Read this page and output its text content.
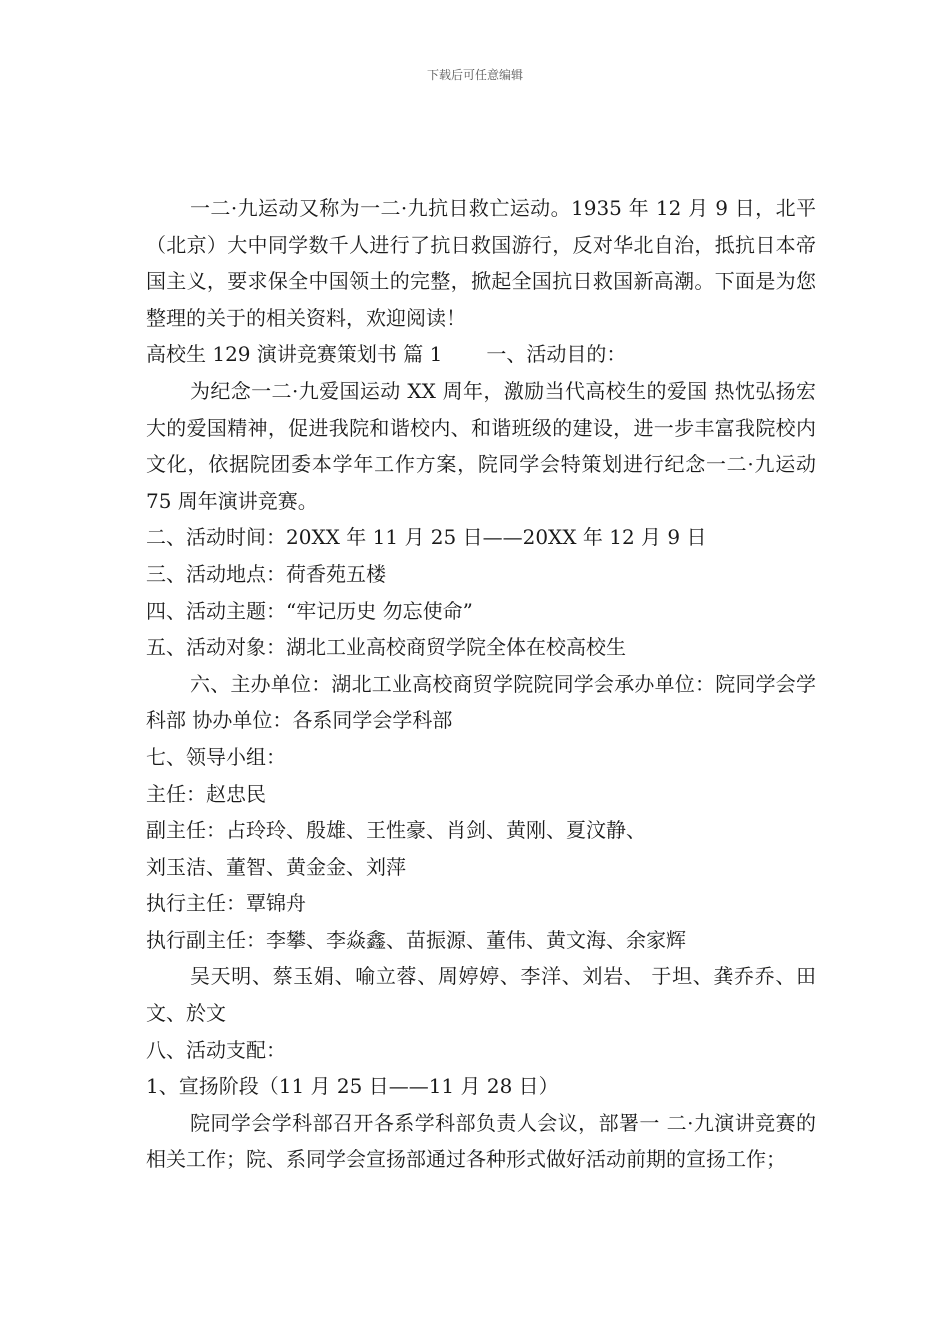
下载后可任意编辑

一二·九运动又称为一二·九抗日救亡运动。1935 年 12 月 9 日，北平（北京）大中同学数千人进行了抗日救国游行，反对华北自治，抵抗日本帝国主义，要求保全中国领土的完整，掀起全国抗日救国新高潮。下面是为您整理的关于的相关资料，欢迎阅读！

高校生 129 演讲竞赛策划书 篇 1 一、活动目的：

为纪念一二·九爱国运动 XX 周年，激励当代高校生的爱国 热忱弘扬宏大的爱国精神，促进我院和谐校内、和谐班级的建设，进一步丰富我院校内文化，依据院团委本学年工作方案，院同学会特策划进行纪念一二·九运动 75 周年演讲竞赛。

二、活动时间：20XX 年 11 月 25 日——20XX 年 12 月 9 日

三、活动地点：荷香苑五楼

四、活动主题：“牢记历史 勿忘使命”

五、活动对象：湖北工业高校商贸学院全体在校高校生

六、主办单位：湖北工业高校商贸学院院同学会承办单位：院同学会学科部 协办单位：各系同学会学科部

七、领导小组：

主任：赵忠民

副主任：占玲玲、殷雄、王性豪、肖剑、黄刚、夏汶静、

刘玉洁、董智、黄金金、刘萍

执行主任：覃锦舟

执行副主任：李攀、李焱鑫、苗振源、董伟、黄文海、余家辉

吴天明、蔡玉娟、喻立蓉、周婷婷、李洋、刘岩、 于坦、龚乔乔、田文、於文

八、活动支配：

1、宣扬阶段（11 月 25 日——11 月 28 日）

院同学会学科部召开各系学科部负责人会议，部署一 二·九演讲竞赛的相关工作；院、系同学会宣扬部通过各种形式做好活动前期的宣扬工作；
